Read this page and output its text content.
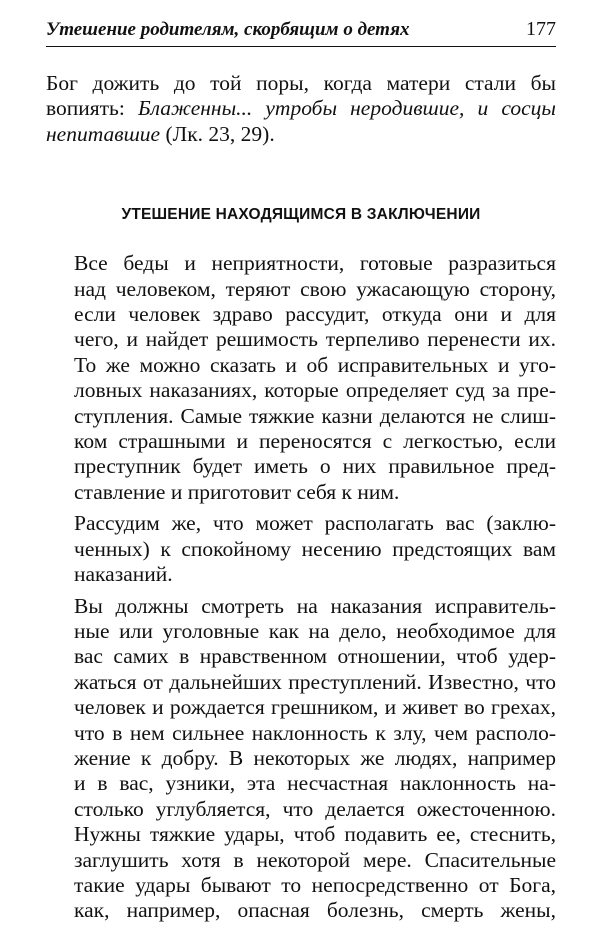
Утешение родителям, скорбящим о детях	177
Бог дожить до той поры, когда матери стали бы
вопиять: Блаженны... утробы неродившие, и сосцы
непитавшие (Лк. 23, 29).
УТЕШЕНИЕ НАХОДЯЩИМСЯ В ЗАКЛЮЧЕНИИ

Все беды и неприятности, готовые разразиться
над человеком, теряют свою ужасающую сторону,
если человек здраво рассудит, откуда они и для
чего, и найдет решимость терпеливо перенести их.
То же можно сказать и об исправительных и уго-
ловных наказаниях, которые определяет суд за пре-
ступления. Самые тяжкие казни делаются не слиш-
ком страшными и переносятся с легкостью, если
преступник будет иметь о них правильное пред-
ставление и приготовит себя к ним.

Рассудим же, что может располагать вас (заклю-
ченных) к спокойному несению предстоящих вам
наказаний.

Вы должны смотреть на наказания исправитель-
ные или уголовные как на дело, необходимое для
вас самих в нравственном отношении, чтоб удер-
жаться от дальнейших преступлений. Известно, что
человек и рождается грешником, и живет во грехах,
что в нем сильнее наклонность к злу, чем располо-
жение к добру. В некоторых же людях, например
и в вас, узники, эта несчастная наклонность на-
столько углубляется, что делается ожесточенною.
Нужны тяжкие удары, чтоб подавить ее, стеснить,
заглушить хотя в некоторой мере. Спасительные
такие удары бывают то непосредственно от Бога,
как, например, опасная болезнь, смерть жены,
